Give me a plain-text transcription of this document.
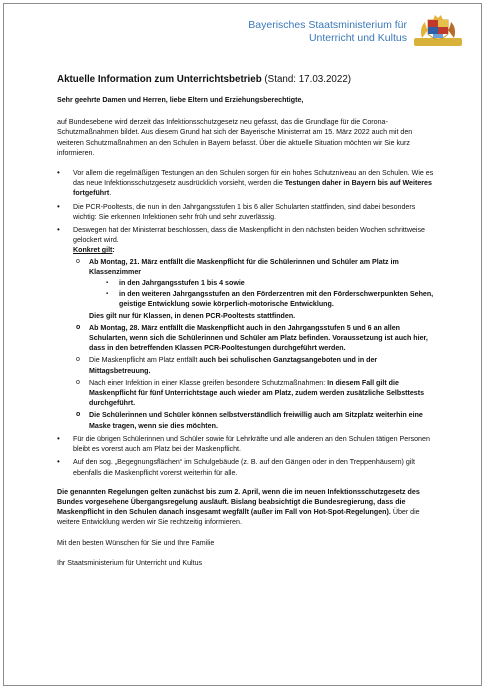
Bayerisches Staatsministerium für
Unterricht und Kultus
Aktuelle Information zum Unterrichtsbetrieb (Stand: 17.03.2022)
Sehr geehrte Damen und Herren, liebe Eltern und Erziehungsberechtigte,

auf Bundesebene wird derzeit das Infektionsschutzgesetz neu gefasst, das die Grundlage für die Corona-Schutzmaßnahmen bildet. Aus diesem Grund hat sich der Bayerische Ministerrat am 15. März 2022 auch mit den weiteren Schutzmaßnahmen an den Schulen in Bayern befasst. Über die aktuelle Situation möchten wir Sie kurz informieren.

• Vor allem die regelmäßigen Testungen an den Schulen sorgen für ein hohes Schutzniveau an den Schulen. Wie es das neue Infektionsschutzgesetz ausdrücklich vorsieht, werden die Testungen daher in Bayern bis auf Weiteres fortgeführt.
• Die PCR-Pooltests, die nun in den Jahrgangsstufen 1 bis 6 aller Schularten stattfinden, sind dabei besonders wichtig: Sie erkennen Infektionen sehr früh und sehr zuverlässig.
• Deswegen hat der Ministerrat beschlossen, dass die Maskenpflicht in den nächsten beiden Wochen schrittweise gelockert wird.
Konkret gilt:
o Ab Montag, 21. März entfällt die Maskenpflicht für die Schülerinnen und Schüler am Platz im Klassenzimmer
▪ in den Jahrgangsstufen 1 bis 4 sowie
▪ in den weiteren Jahrgangsstufen an den Förderzentren mit den Förderschwerpunkten Sehen, geistige Entwicklung sowie körperlich-motorische Entwicklung.
Dies gilt nur für Klassen, in denen PCR-Pooltests stattfinden.
o Ab Montag, 28. März entfällt die Maskenpflicht auch in den Jahrgangsstufen 5 und 6 an allen Schularten, wenn sich die Schülerinnen und Schüler am Platz befinden. Voraussetzung ist auch hier, dass in den betreffenden Klassen PCR-Pooltestungen durchgeführt werden.
o Die Maskenpflicht am Platz entfällt auch bei schulischen Ganztagsangeboten und in der Mittagsbetreuung.
o Nach einer Infektion in einer Klasse greifen besondere Schutzmaßnahmen: In diesem Fall gilt die Maskenpflicht für fünf Unterrichtstage auch wieder am Platz, zudem werden zusätzliche Selbsttests durchgeführt.
o Die Schülerinnen und Schüler können selbstverständlich freiwillig auch am Sitzplatz weiterhin eine Maske tragen, wenn sie dies möchten.
• Für die übrigen Schülerinnen und Schüler sowie für Lehrkräfte und alle anderen an den Schulen tätigen Personen bleibt es vorerst auch am Platz bei der Maskenpflicht.
• Auf den sog. „Begegnungsflächen“ im Schulgebäude (z. B. auf den Gängen oder in den Treppenhäusern) gilt ebenfalls die Maskenpflicht vorerst weiterhin für alle.

Die genannten Regelungen gelten zunächst bis zum 2. April, wenn die im neuen Infektionsschutzgesetz des Bundes vorgesehene Übergangsregelung ausläuft. Bislang beabsichtigt die Bundesregierung, dass die Maskenpflicht in den Schulen danach insgesamt wegfällt (außer im Fall von Hot-Spot-Regelungen). Über die weitere Entwicklung werden wir Sie rechtzeitig informieren.

Mit den besten Wünschen für Sie und Ihre Familie

Ihr Staatsministerium für Unterricht und Kultus
